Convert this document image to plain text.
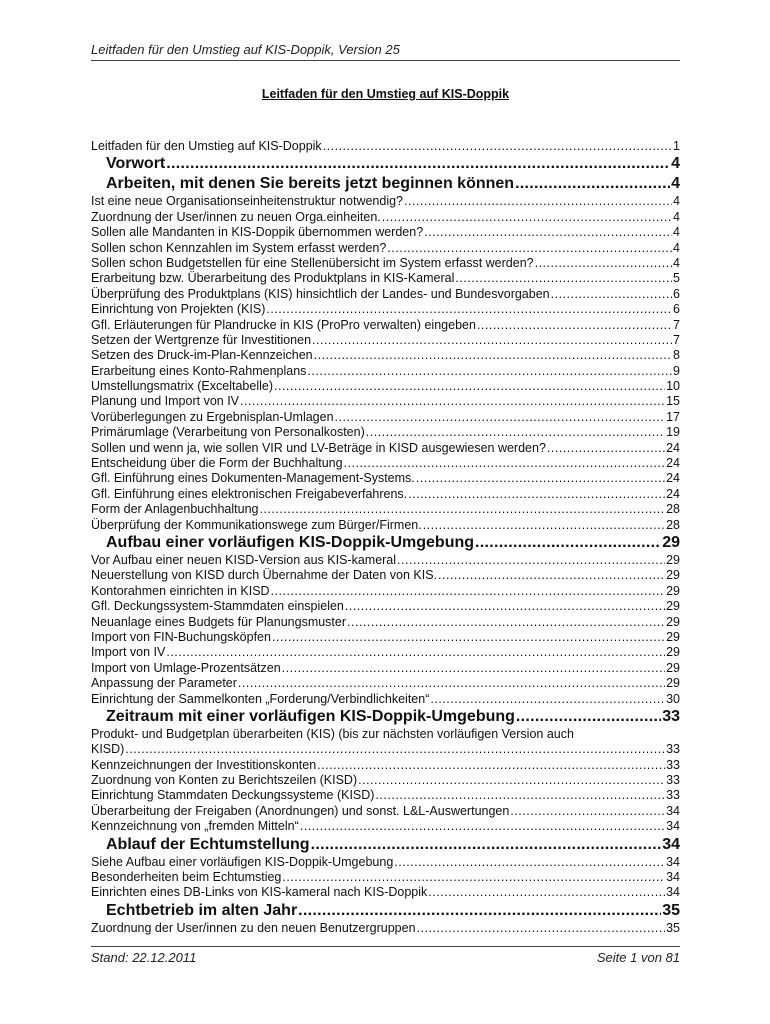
Leitfaden für den Umstieg auf KIS-Doppik, Version 25
Leitfaden für den Umstieg auf KIS-Doppik
Leitfaden für den Umstieg auf KIS-Doppik .....	1
Vorwort .....	4
Arbeiten, mit denen Sie bereits jetzt beginnen können .....	4
Ist eine neue Organisationseinheitenstruktur notwendig? .....	4
Zuordnung der User/innen zu neuen Orga.einheiten. .....	4
Sollen alle Mandanten in KIS-Doppik übernommen werden? .....	4
Sollen schon Kennzahlen im System erfasst werden? .....	4
Sollen schon Budgetstellen für eine Stellenübersicht im System erfasst werden? .....	4
Erarbeitung bzw. Überarbeitung des Produktplans in KIS-Kameral .....	5
Überprüfung des Produktplans (KIS) hinsichtlich der Landes- und Bundesvorgaben .....	6
Einrichtung von Projekten (KIS) .....	6
Gfl. Erläuterungen für Plandrucke in KIS (ProPro verwalten) eingeben .....	7
Setzen der Wertgrenze für Investitionen .....	7
Setzen des Druck-im-Plan-Kennzeichen .....	8
Erarbeitung eines Konto-Rahmenplans .....	9
Umstellungsmatrix (Exceltabelle) .....	10
Planung und Import von IV .....	15
Vorüberlegungen zu Ergebnisplan-Umlagen .....	17
Primärumlage (Verarbeitung von Personalkosten) .....	19
Sollen und wenn ja, wie sollen VIR und LV-Beträge in KISD ausgewiesen werden? .....	24
Entscheidung über die Form der Buchhaltung .....	24
Gfl. Einführung eines Dokumenten-Management-Systems. .....	24
Gfl. Einführung eines elektronischen Freigabeverfahrens. .....	24
Form der Anlagenbuchhaltung .....	28
Überprüfung der Kommunikationswege zum Bürger/Firmen. .....	28
Aufbau einer vorläufigen KIS-Doppik-Umgebung .....	29
Vor Aufbau einer neuen KISD-Version aus KIS-kameral .....	29
Neuerstellung von KISD durch Übernahme der Daten von KIS. .....	29
Kontorahmen einrichten in KISD .....	29
Gfl. Deckungssystem-Stammdaten einspielen .....	29
Neuanlage eines Budgets für Planungsmuster .....	29
Import von FIN-Buchungsköpfen .....	29
Import von IV .....	29
Import von Umlage-Prozentsätzen .....	29
Anpassung der Parameter .....	29
Einrichtung der Sammelkonten „Forderung/Verbindlichkeiten“ .....	30
Zeitraum mit einer vorläufigen KIS-Doppik-Umgebung .....	33
Produkt- und Budgetplan überarbeiten (KIS) (bis zur nächsten vorläufigen Version auch
KISD) .....	33
Kennzeichnungen der Investitionskonten .....	33
Zuordnung von Konten zu Berichtszeilen (KISD) .....	33
Einrichtung Stammdaten Deckungssysteme (KISD) .....	33
Überarbeitung der Freigaben (Anordnungen) und sonst. L&L-Auswertungen .....	34
Kennzeichnung von „fremden Mitteln“ .....	34
Ablauf der Echtumstellung .....	34
Siehe Aufbau einer vorläufigen KIS-Doppik-Umgebung .....	34
Besonderheiten beim Echtumstieg .....	34
Einrichten eines DB-Links von KIS-kameral nach KIS-Doppik .....	34
Echtbetrieb im alten Jahr .....	35
Zuordnung der User/innen zu den neuen Benutzergruppen .....	35
Stand: 22.12.2011	Seite 1 von 81
